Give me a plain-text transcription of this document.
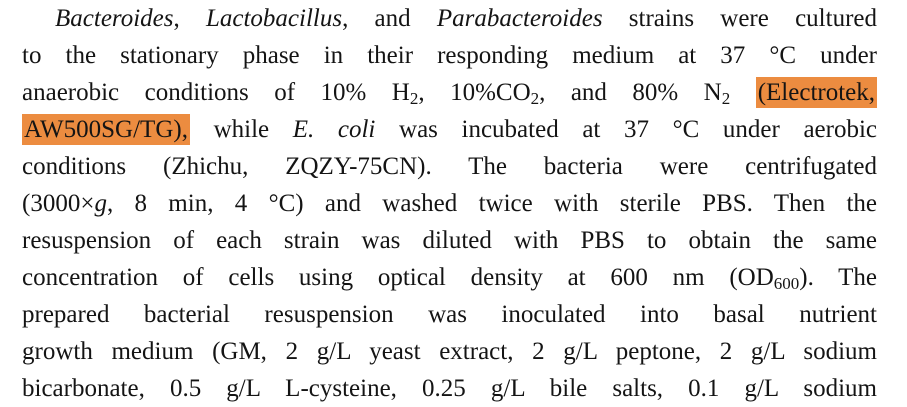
Bacteroides, Lactobacillus, and Parabacteroides strains were cultured
to the stationary phase in their responding medium at 37 °C under
anaerobic conditions of 10% H2, 10%CO2, and 80% N2 (Electrotek,
AW500SG/TG), while E. coli was incubated at 37 °C under aerobic
conditions (Zhichu, ZQZY-75CN). The bacteria were centrifugated
(3000×g, 8 min, 4 °C) and washed twice with sterile PBS. Then the
resuspension of each strain was diluted with PBS to obtain the same
concentration of cells using optical density at 600 nm (OD600). The
prepared bacterial resuspension was inoculated into basal nutrient
growth medium (GM, 2 g/L yeast extract, 2 g/L peptone, 2 g/L sodium
bicarbonate, 0.5 g/L L-cysteine, 0.25 g/L bile salts, 0.1 g/L sodium
